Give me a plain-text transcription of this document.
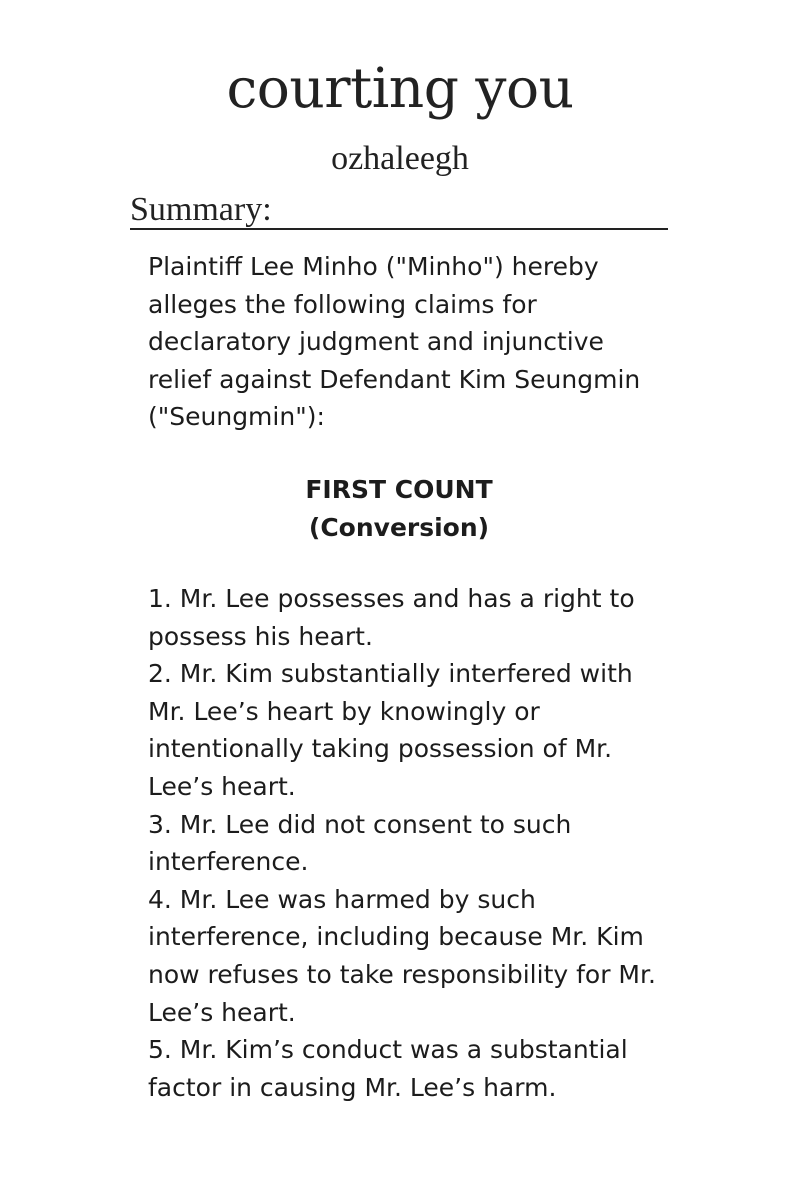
courting you
ozhaleegh
Summary:

Plaintiff Lee Minho ("Minho") hereby alleges the following claims for declaratory judgment and injunctive relief against Defendant Kim Seungmin ("Seungmin"):

FIRST COUNT
(Conversion)

1. Mr. Lee possesses and has a right to possess his heart.

2. Mr. Kim substantially interfered with Mr. Lee’s heart by knowingly or intentionally taking possession of Mr. Lee’s heart.

3. Mr. Lee did not consent to such interference.

4. Mr. Lee was harmed by such interference, including because Mr. Kim now refuses to take responsibility for Mr. Lee’s heart.

5. Mr. Kim’s conduct was a substantial factor in causing Mr. Lee’s harm.
